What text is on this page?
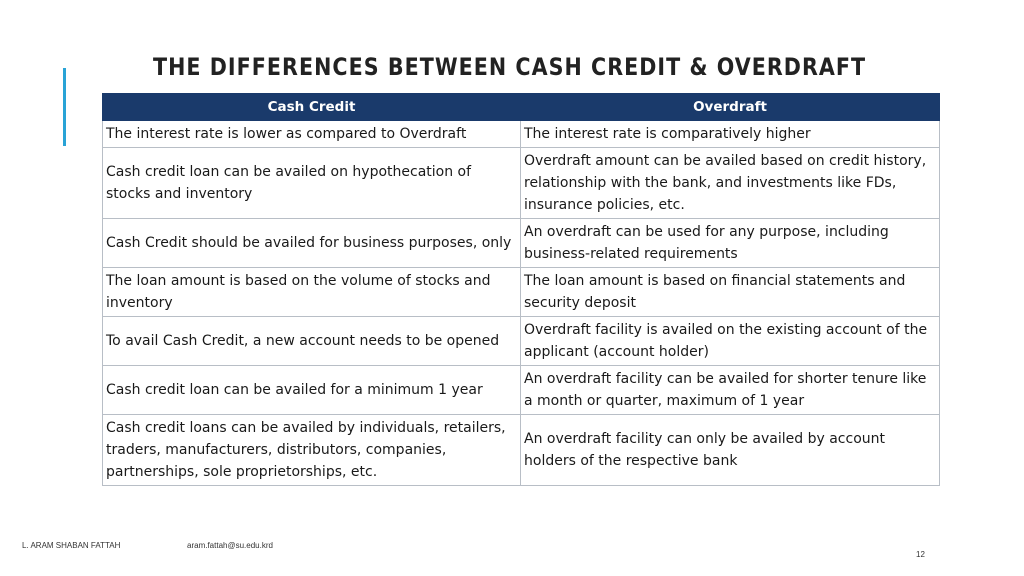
THE DIFFERENCES BETWEEN CASH CREDIT & OVERDRAFT
Cash Credit	Overdraft
The interest rate is lower as compared to Overdraft	The interest rate is comparatively higher
Cash credit loan can be availed on hypothecation of stocks and inventory	Overdraft amount can be availed based on credit history, relationship with the bank, and investments like FDs, insurance policies, etc.
Cash Credit should be availed for business purposes, only	An overdraft can be used for any purpose, including business-related requirements
The loan amount is based on the volume of stocks and inventory	The loan amount is based on financial statements and security deposit
To avail Cash Credit, a new account needs to be opened	Overdraft facility is availed on the existing account of the applicant (account holder)
Cash credit loan can be availed for a minimum 1 year	An overdraft facility can be availed for shorter tenure like a month or quarter, maximum of 1 year
Cash credit loans can be availed by individuals, retailers, traders, manufacturers, distributors, companies, partnerships, sole proprietorships, etc.	An overdraft facility can only be availed by account holders of the respective bank
L. ARAM SHABAN FATTAH	aram.fattah@su.edu.krd
12
